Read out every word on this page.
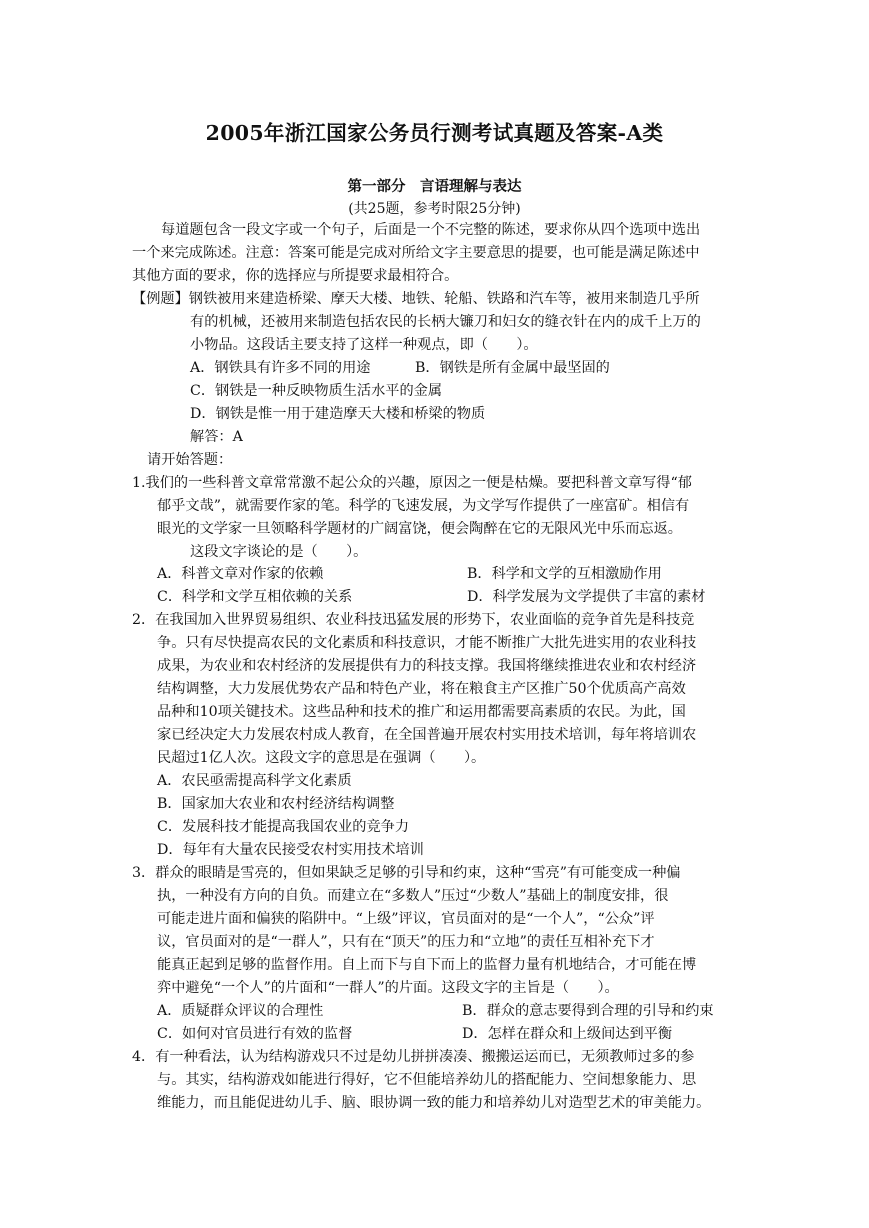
2005年浙江国家公务员行测考试真题及答案-A类
第一部分　言语理解与表达
(共25题，参考时限25分钟)
每道题包含一段文字或一个句子，后面是一个不完整的陈述，要求你从四个选项中选出
一个来完成陈述。注意：答案可能是完成对所给文字主要意思的提要，也可能是满足陈述中
其他方面的要求，你的选择应与所提要求最相符合。
【例题】钢铁被用来建造桥梁、摩天大楼、地铁、轮船、铁路和汽车等，被用来制造几乎所
有的机械，还被用来制造包括农民的长柄大镰刀和妇女的缝衣针在内的成千上万的
小物品。这段话主要支持了这样一种观点，即（　　）。
A．钢铁具有许多不同的用途	B．钢铁是所有金属中最坚固的
C．钢铁是一种反映物质生活水平的金属
D．钢铁是惟一用于建造摩天大楼和桥梁的物质
解答：A
请开始答题：
1.我们的一些科普文章常常激不起公众的兴趣，原因之一便是枯燥。要把科普文章写得“郁
郁乎文哉”，就需要作家的笔。科学的飞速发展，为文学写作提供了一座富矿。相信有
眼光的文学家一旦领略科学题材的广阔富饶，便会陶醉在它的无限风光中乐而忘返。
这段文字谈论的是（　　）。
A．科普文章对作家的依赖	B．科学和文学的互相激励作用
C．科学和文学互相依赖的关系	D．科学发展为文学提供了丰富的素材
2．在我国加入世界贸易组织、农业科技迅猛发展的形势下，农业面临的竞争首先是科技竞
争。只有尽快提高农民的文化素质和科技意识，才能不断推广大批先进实用的农业科技
成果，为农业和农村经济的发展提供有力的科技支撑。我国将继续推进农业和农村经济
结构调整，大力发展优势农产品和特色产业，将在粮食主产区推广50个优质高产高效
品种和10项关键技术。这些品种和技术的推广和运用都需要高素质的农民。为此，国
家已经决定大力发展农村成人教育，在全国普遍开展农村实用技术培训，每年将培训农
民超过1亿人次。这段文字的意思是在强调（　　）。
A．农民亟需提高科学文化素质
B．国家加大农业和农村经济结构调整
C．发展科技才能提高我国农业的竞争力
D．每年有大量农民接受农村实用技术培训
3．群众的眼睛是雪亮的，但如果缺乏足够的引导和约束，这种“雪亮”有可能变成一种偏
执，一种没有方向的自负。而建立在“多数人”压过“少数人”基础上的制度安排，很
可能走进片面和偏狭的陷阱中。“上级”评议，官员面对的是“一个人”，“公众”评
议，官员面对的是“一群人”，只有在“顶天”的压力和“立地”的责任互相补充下才
能真正起到足够的监督作用。自上而下与自下而上的监督力量有机地结合，才可能在博
弈中避免“一个人”的片面和“一群人”的片面。这段文字的主旨是（　　）。
A．质疑群众评议的合理性	B．群众的意志要得到合理的引导和约束
C．如何对官员进行有效的监督	D．怎样在群众和上级间达到平衡
4．有一种看法，认为结构游戏只不过是幼儿拼拼凑凑、搬搬运运而已，无须教师过多的参
与。其实，结构游戏如能进行得好，它不但能培养幼儿的搭配能力、空间想象能力、思
维能力，而且能促进幼儿手、脑、眼协调一致的能力和培养幼儿对造型艺术的审美能力。
